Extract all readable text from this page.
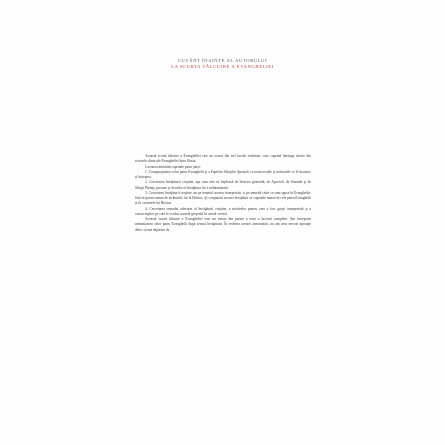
CUVÂNT ÎNAINTE AL AUTORULUI
LA SCURTA TÂLCUIRE A EVANGHELIEI

Această scurtă tâlcuire a Evangheliei este un extras din trei lucrări realizate, care cuprind întreaga istorie din scrierile sfinte ale Evangheliei întru Rusia.

Lucrarea amintită cuprinde patru părți:

1. Comparaţiunea celor patru Evanghelii şi a Faptelor Sfinţilor Apostoli cu toate textele şi mărturiile ce le însoțesc și întregesc.

2. Cercetarea învăţăturii creştine, aşa cum este ea înţeleasă de biserica generală, de Apostoli, de Sinoade şi de Sfinţii Părinţi, precum şi dovada că învăţătura lor e neîntemeiată.

3. Cercetarea învăţăturii creştine, nu pe temeiul acestor interpretări, ci pe temeiul celor ce sunt spuse în Evanghelie, fără să ţinem seama de atribuirile lor la Hristos. Şi conţinutul acestei învăţături se cuprinde numai în cele patru Evanghelii și în cuvintele lui Hristos.

4. Cercetarea sensului adevărat al învăţăturii creştine, a motivelor pentru care a fost greşit interpretată şi a consecinţelor pe care le-a adus această greşeală în cursul vremii.

Această scurtă tâlcuire a Evangheliei este un extras din partea a treia a lucrării complete. Am întreprins armonizarea celor patru Evanghelii după sensul învăţăturii. În vederea acestei armonizări, nu am avut nevoie aproape deloc să mă depărtez de
